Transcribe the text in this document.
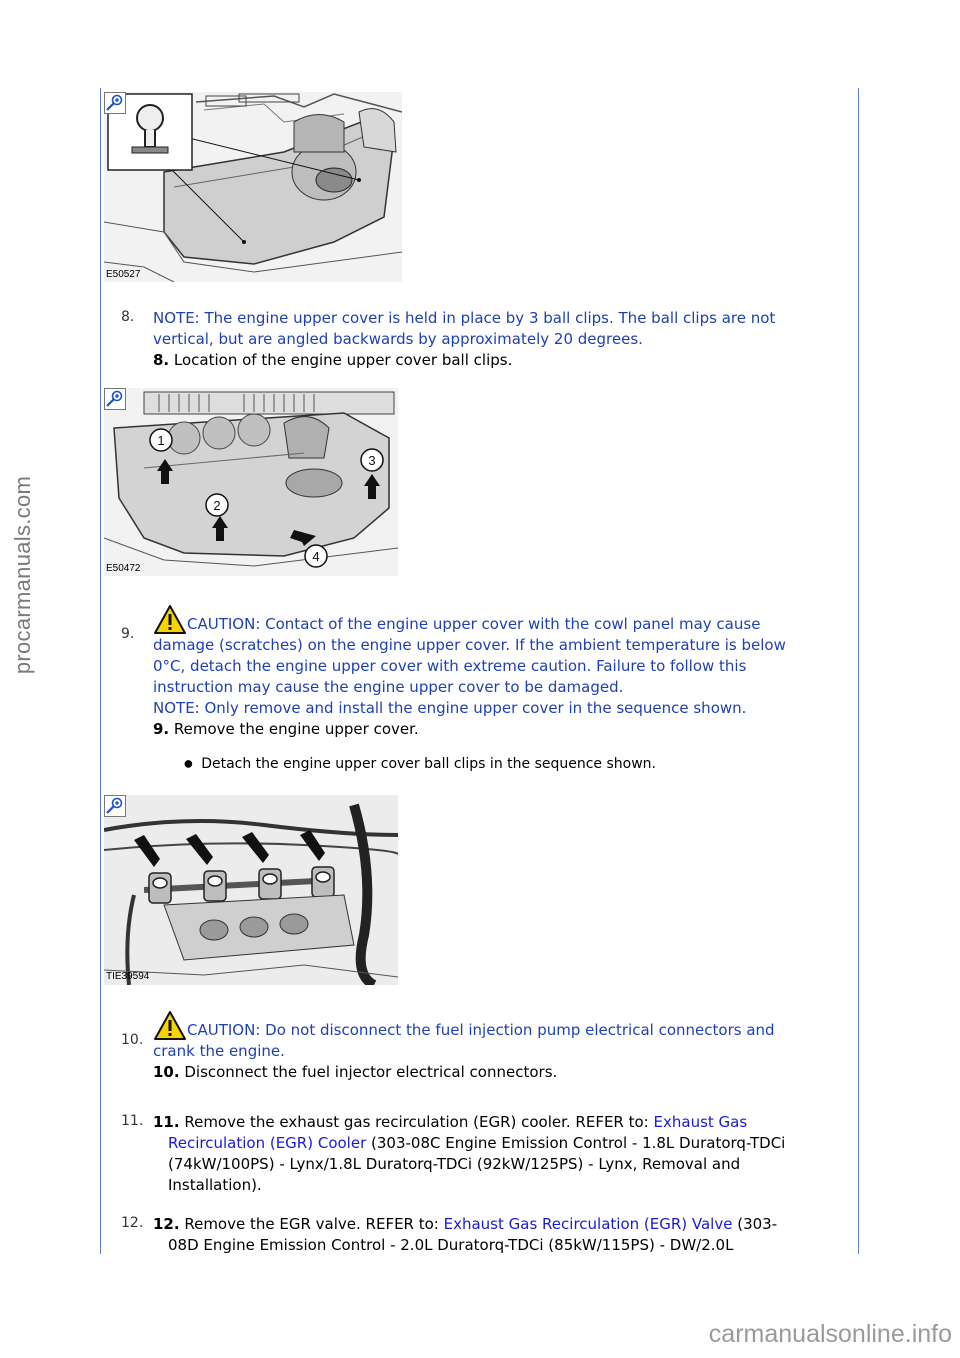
procarmanuals.com
carmanualsonline.info
E50527
8.	NOTE: The engine upper cover is held in place by 3 ball clips. The ball clips are not
vertical, but are angled backwards by approximately 20 degrees.
8. Location of the engine upper cover ball clips.
1
2
3
4
E50472
9.
CAUTION: Contact of the engine upper cover with the cowl panel may cause
damage (scratches) on the engine upper cover. If the ambient temperature is below
0°C, detach the engine upper cover with extreme caution. Failure to follow this
instruction may cause the engine upper cover to be damaged.
NOTE: Only remove and install the engine upper cover in the sequence shown.
9. Remove the engine upper cover.
● Detach the engine upper cover ball clips in the sequence shown.
TIE39594
10.
CAUTION: Do not disconnect the fuel injection pump electrical connectors and
crank the engine.
10. Disconnect the fuel injector electrical connectors.
11. 11. Remove the exhaust gas recirculation (EGR) cooler. REFER to: Exhaust Gas
Recirculation (EGR) Cooler (303-08C Engine Emission Control - 1.8L Duratorq-TDCi
(74kW/100PS) - Lynx/1.8L Duratorq-TDCi (92kW/125PS) - Lynx, Removal and
Installation).
12. 12. Remove the EGR valve. REFER to: Exhaust Gas Recirculation (EGR) Valve (303-
08D Engine Emission Control - 2.0L Duratorq-TDCi (85kW/115PS) - DW/2.0L
